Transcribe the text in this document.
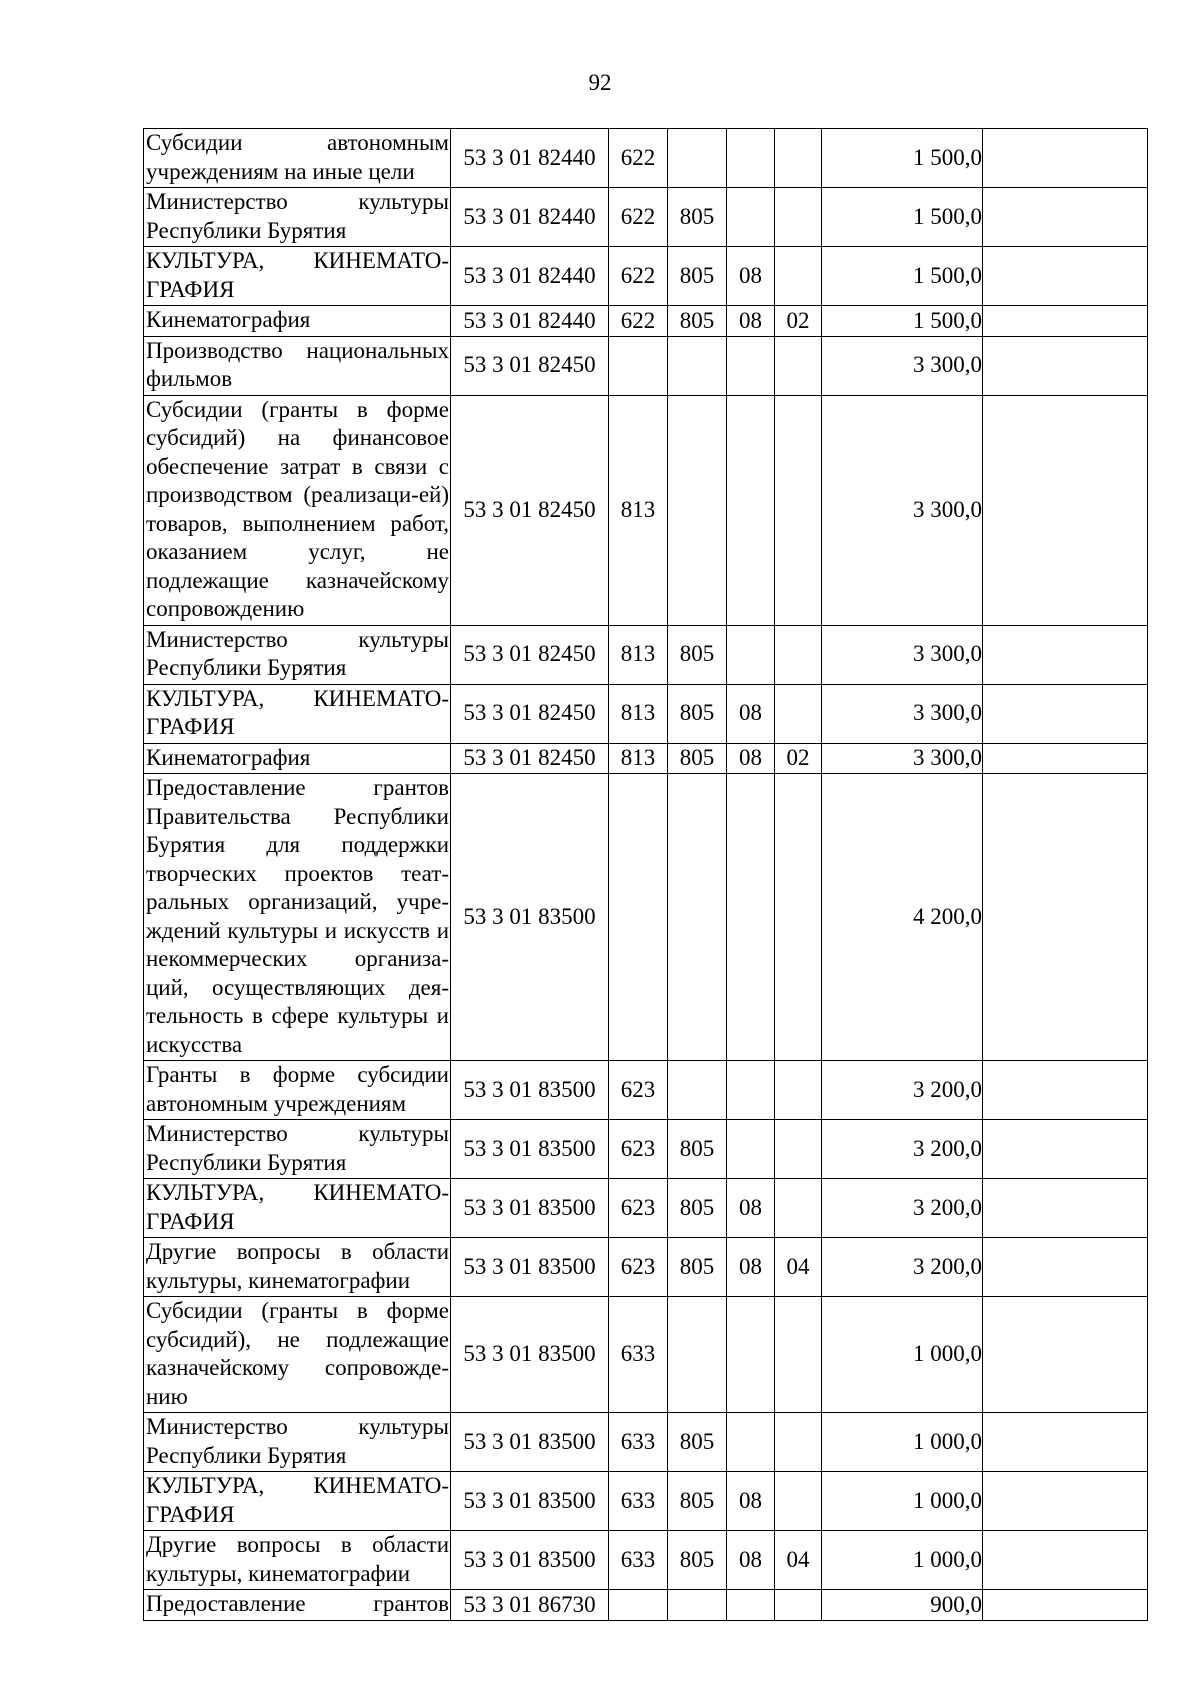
92
Субсидии автономным учреждениям на иные цели	53 3 01 82440	622				1 500,0	
Министерство культуры Республики Бурятия	53 3 01 82440	622	805			1 500,0	
КУЛЬТУРА, КИНЕМАТО-ГРАФИЯ	53 3 01 82440	622	805	08		1 500,0	
Кинематография	53 3 01 82440	622	805	08	02	1 500,0	
Производство национальных фильмов	53 3 01 82450					3 300,0	
Субсидии (гранты в форме субсидий) на финансовое обеспечение затрат в связи с производством (реализаци-ей) товаров, выполнением работ, оказанием услуг, не подлежащие казначейскому сопровождению	53 3 01 82450	813				3 300,0	
Министерство культуры Республики Бурятия	53 3 01 82450	813	805			3 300,0	
КУЛЬТУРА, КИНЕМАТО-ГРАФИЯ	53 3 01 82450	813	805	08		3 300,0	
Кинематография	53 3 01 82450	813	805	08	02	3 300,0	
Предоставление грантов Правительства Республики Бурятия для поддержки творческих проектов теат-ральных организаций, учре-ждений культуры и искусств и некоммерческих организа-ций, осуществляющих дея-тельность в сфере культуры и искусства	53 3 01 83500					4 200,0	
Гранты в форме субсидии автономным учреждениям	53 3 01 83500	623				3 200,0	
Министерство культуры Республики Бурятия	53 3 01 83500	623	805			3 200,0	
КУЛЬТУРА, КИНЕМАТО-ГРАФИЯ	53 3 01 83500	623	805	08		3 200,0	
Другие вопросы в области культуры, кинематографии	53 3 01 83500	623	805	08	04	3 200,0	
Субсидии (гранты в форме субсидий), не подлежащие казначейскому сопровожде-нию	53 3 01 83500	633				1 000,0	
Министерство культуры Республики Бурятия	53 3 01 83500	633	805			1 000,0	
КУЛЬТУРА, КИНЕМАТО-ГРАФИЯ	53 3 01 83500	633	805	08		1 000,0	
Другие вопросы в области культуры, кинематографии	53 3 01 83500	633	805	08	04	1 000,0	
Предоставление грантов	53 3 01 86730					900,0	
